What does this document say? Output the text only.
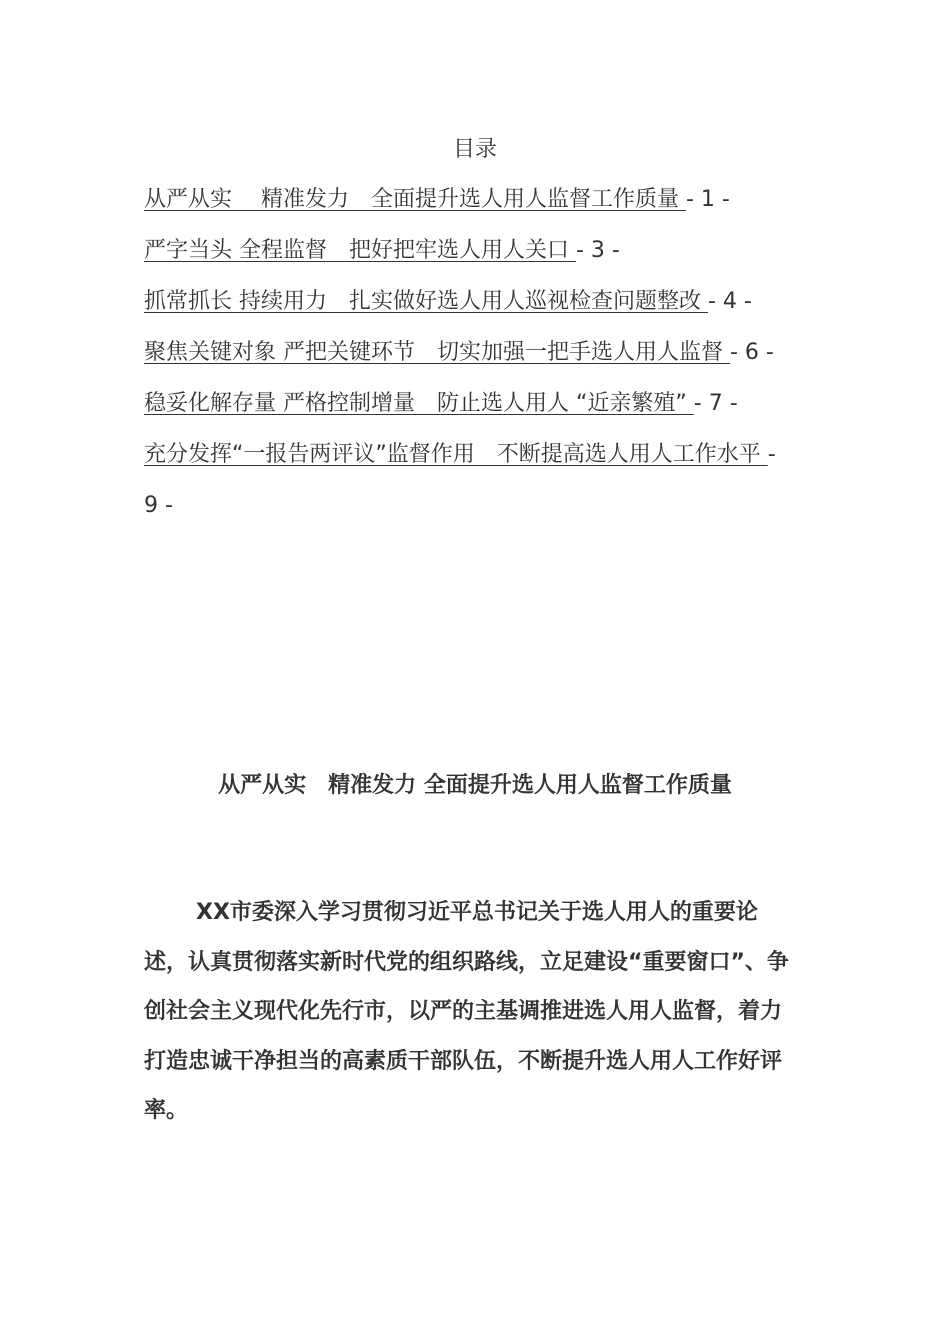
目录
从严从实　 精准发力　全面提升选人用人监督工作质量 - 1 -
严字当头 全程监督　把好把牢选人用人关口 - 3 -
抓常抓长 持续用力　扎实做好选人用人巡视检查问题整改 - 4 -
聚焦关键对象 严把关键环节　切实加强一把手选人用人监督 - 6 -
稳妥化解存量 严格控制增量　防止选人用人 “近亲繁殖” - 7 -
充分发挥“一报告两评议”监督作用　不断提高选人用人工作水平 - 9 -
从严从实　精准发力 全面提升选人用人监督工作质量
XX市委深入学习贯彻习近平总书记关于选人用人的重要论述，认真贯彻落实新时代党的组织路线，立足建设“重要窗口”、争创社会主义现代化先行市，以严的主基调推进选人用人监督，着力打造忠诚干净担当的高素质干部队伍，不断提升选人用人工作好评率。
